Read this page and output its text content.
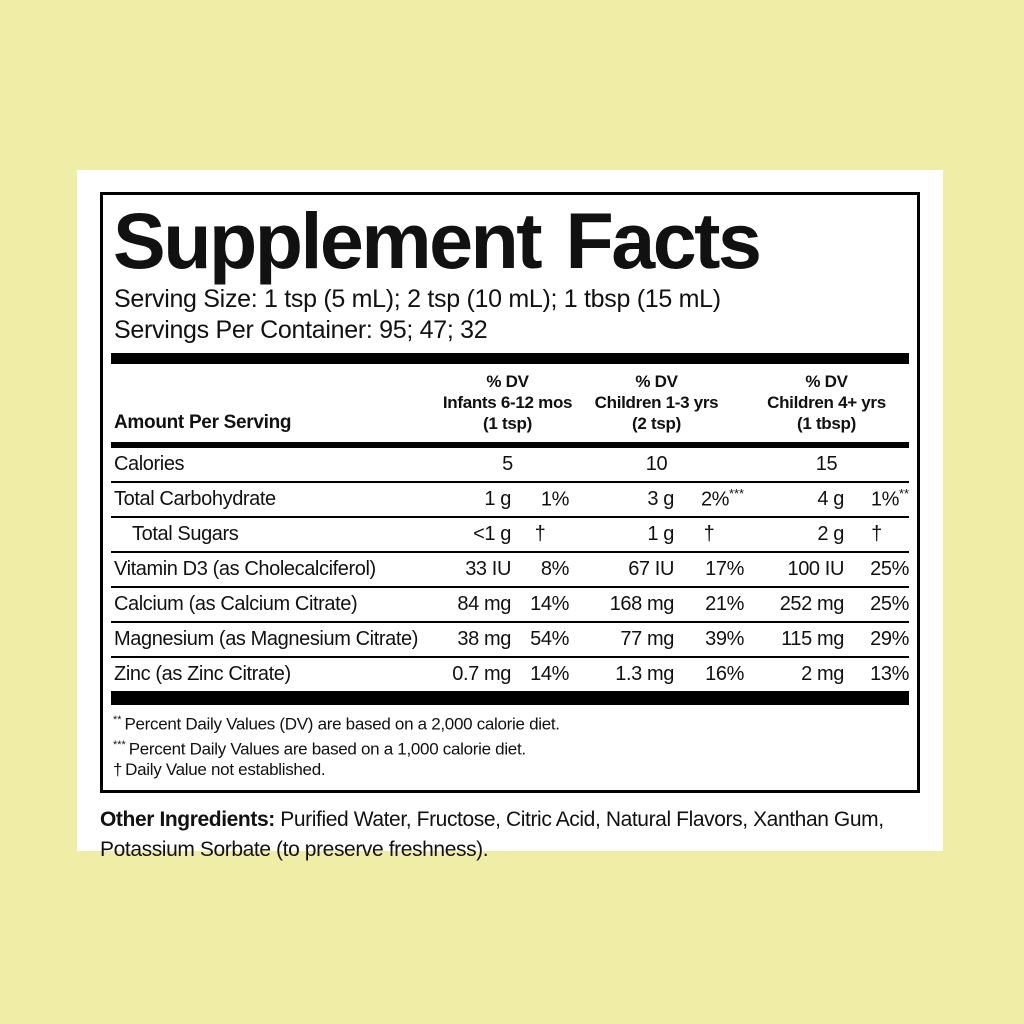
Supplement Facts
Serving Size: 1 tsp (5 mL); 2 tsp (10 mL); 1 tbsp (15 mL)
Servings Per Container: 95; 47; 32
Amount Per Serving
% DV
Infants 6-12 mos
(1 tsp)
% DV
Children 1-3 yrs
(2 tsp)
% DV
Children 4+ yrs
(1 tbsp)
Calories	5	10	15
Total Carbohydrate	1 g	1%	3 g	2%***	4 g	1%**
Total Sugars	<1 g	†	1 g	†	2 g	†
Vitamin D3 (as Cholecalciferol)	33 IU	8%	67 IU	17%	100 IU	25%
Calcium (as Calcium Citrate)	84 mg 14%	168 mg	21%	252 mg	25%
Magnesium (as Magnesium Citrate)	38 mg 54%	77 mg	39%	115 mg	29%
Zinc (as Zinc Citrate)	0.7 mg 14%	1.3 mg	16%	2 mg	13%

** Percent Daily Values (DV) are based on a 2,000 calorie diet.

*** Percent Daily Values are based on a 1,000 calorie diet.

† Daily Value not established.

Other Ingredients: Purified Water, Fructose, Citric Acid, Natural Flavors, Xanthan Gum, Potassium Sorbate (to preserve freshness).
